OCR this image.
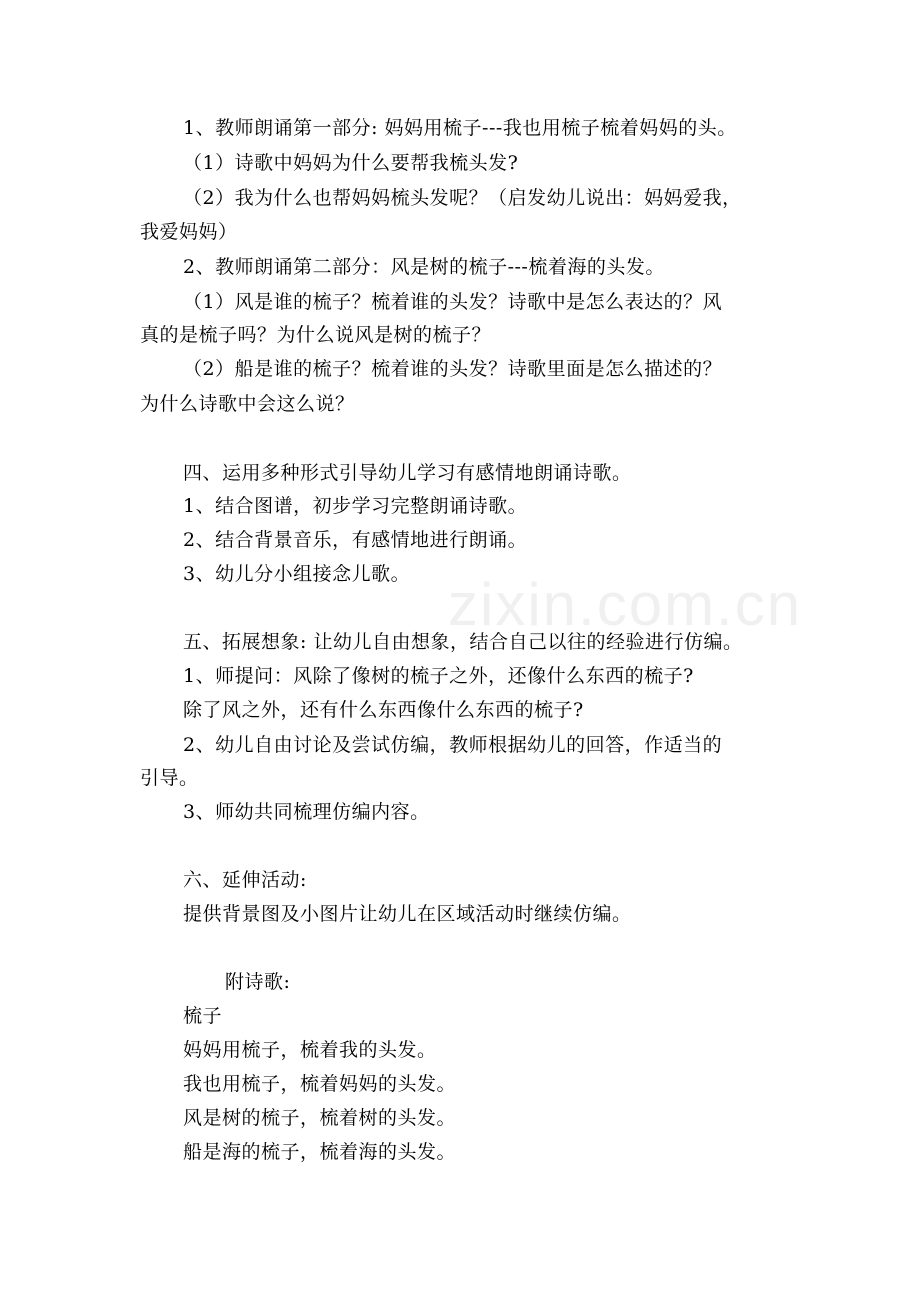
zixin.com.cn
1、教师朗诵第一部分: 妈妈用梳子---我也用梳子梳着妈妈的头。
（1）诗歌中妈妈为什么要帮我梳头发?
（2）我为什么也帮妈妈梳头发呢？（启发幼儿说出：妈妈爱我，
我爱妈妈）
2、教师朗诵第二部分：风是树的梳子---梳着海的头发。
（1）风是谁的梳子？梳着谁的头发？诗歌中是怎么表达的？风
真的是梳子吗？为什么说风是树的梳子？
（2）船是谁的梳子？梳着谁的头发？诗歌里面是怎么描述的？
为什么诗歌中会这么说？
四、运用多种形式引导幼儿学习有感情地朗诵诗歌。
1、结合图谱，初步学习完整朗诵诗歌。
2、结合背景音乐，有感情地进行朗诵。
3、幼儿分小组接念儿歌。
五、拓展想象: 让幼儿自由想象，结合自己以往的经验进行仿编。
1、师提问：风除了像树的梳子之外，还像什么东西的梳子?
除了风之外，还有什么东西像什么东西的梳子?
2、幼儿自由讨论及尝试仿编，教师根据幼儿的回答，作适当的
引导。
3、师幼共同梳理仿编内容。
六、延伸活动:
提供背景图及小图片让幼儿在区域活动时继续仿编。
附诗歌:
梳子
妈妈用梳子，梳着我的头发。
我也用梳子，梳着妈妈的头发。
风是树的梳子，梳着树的头发。
船是海的梳子，梳着海的头发。
